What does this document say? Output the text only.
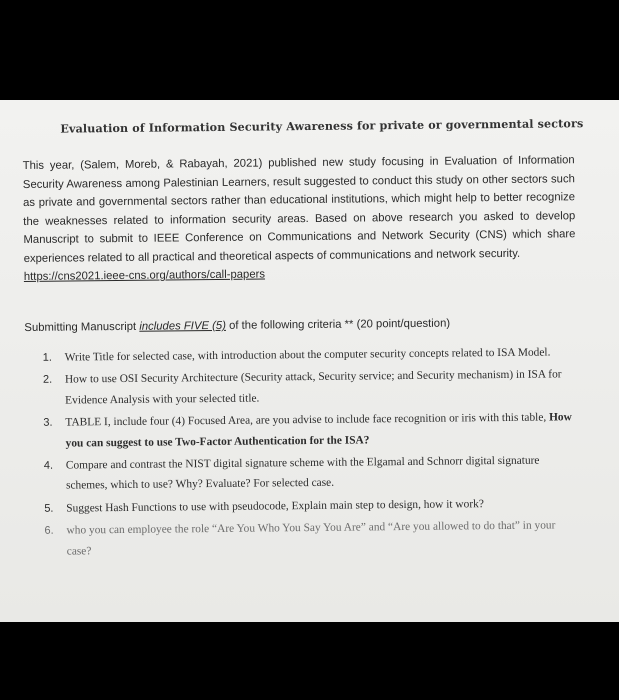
Evaluation of Information Security Awareness for private or governmental sectors
This year, (Salem, Moreb, & Rabayah, 2021) published new study focusing in Evaluation of Information Security Awareness among Palestinian Learners, result suggested to conduct this study on other sectors such as private and governmental sectors rather than educational institutions, which might help to better recognize the weaknesses related to information security areas. Based on above research you asked to develop Manuscript to submit to IEEE Conference on Communications and Network Security (CNS) which share experiences related to all practical and theoretical aspects of communications and network security.
https://cns2021.ieee-cns.org/authors/call-papers
Submitting Manuscript includes FIVE (5) of the following criteria ** (20 point/question)
1. Write Title for selected case, with introduction about the computer security concepts related to ISA Model.
2. How to use OSI Security Architecture (Security attack, Security service; and Security mechanism) in ISA for Evidence Analysis with your selected title.
3. TABLE I, include four (4) Focused Area, are you advise to include face recognition or iris with this table, How you can suggest to use Two-Factor Authentication for the ISA?
4. Compare and contrast the NIST digital signature scheme with the Elgamal and Schnorr digital signature schemes, which to use? Why? Evaluate? For selected case.
5. Suggest Hash Functions to use with pseudocode, Explain main step to design, how it work?
6. who you can employee the role “Are You Who You Say You Are” and “Are you allowed to do that” in your case?
